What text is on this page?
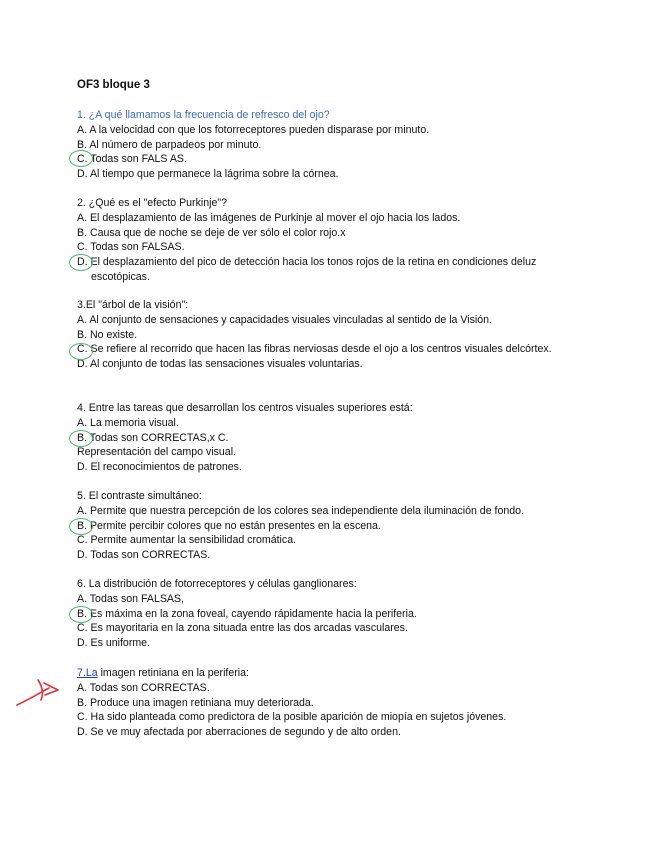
OF3 bloque 3

1. ¿A qué llamamos la frecuencia de refresco del ojo?

A. A la velocidad con que los fotorreceptores pueden disparase por minuto.

B. Al número de parpadeos por minuto.

C. Todas son FALS AS.

D. Al tiempo que permanece la lágrima sobre la córnea.

2. ¿Qué es el "efecto Purkinje"?

A. El desplazamiento de las imágenes de Purkinje al mover el ojo hacia los lados.

B. Causa que de noche se deje de ver sólo el color rojo.x

C. Todas son FALSAS.

D. El desplazamiento del pico de detección hacia los tonos rojos de la retina en condiciones deluz escotópicas.

3.El "árbol de la visión":

A. Al conjunto de sensaciones y capacidades visuales vinculadas al sentido de la Visión.

B. No existe.

C. Se refiere al recorrido que hacen las fibras nerviosas desde el ojo a los centros visuales delcórtex.

D. Al conjunto de todas las sensaciones visuales voluntarias.

4. Entre las tareas que desarrollan los centros visuales superiores está:

A. La memoria visual.

B. Todas son CORRECTAS,x C.

Representación del campo visual.

D. El reconocimientos de patrones.

5. El contraste simultáneo:

A. Permite que nuestra percepción de los colores sea independiente dela iluminación de fondo.

B. Permite percibir colores que no están presentes en la escena.

C. Permite aumentar la sensibilidad cromática.

D. Todas son CORRECTAS.

6. La distribución de fotorreceptores y células ganglionares:

A. Todas son FALSAS,

B. Es máxima en la zona foveal, cayendo rápidamente hacia la periferia.

C. Es mayoritaria en la zona situada entre las dos arcadas vasculares.

D. Es uniforme.

7.La imagen retiniana en la periferia:

A. Todas son CORRECTAS.

B. Produce una imagen retiniana muy deteriorada.

C. Ha sido planteada como predictora de la posible aparición de miopía en sujetos jóvenes.

D. Se ve muy afectada por aberraciones de segundo y de alto orden.
